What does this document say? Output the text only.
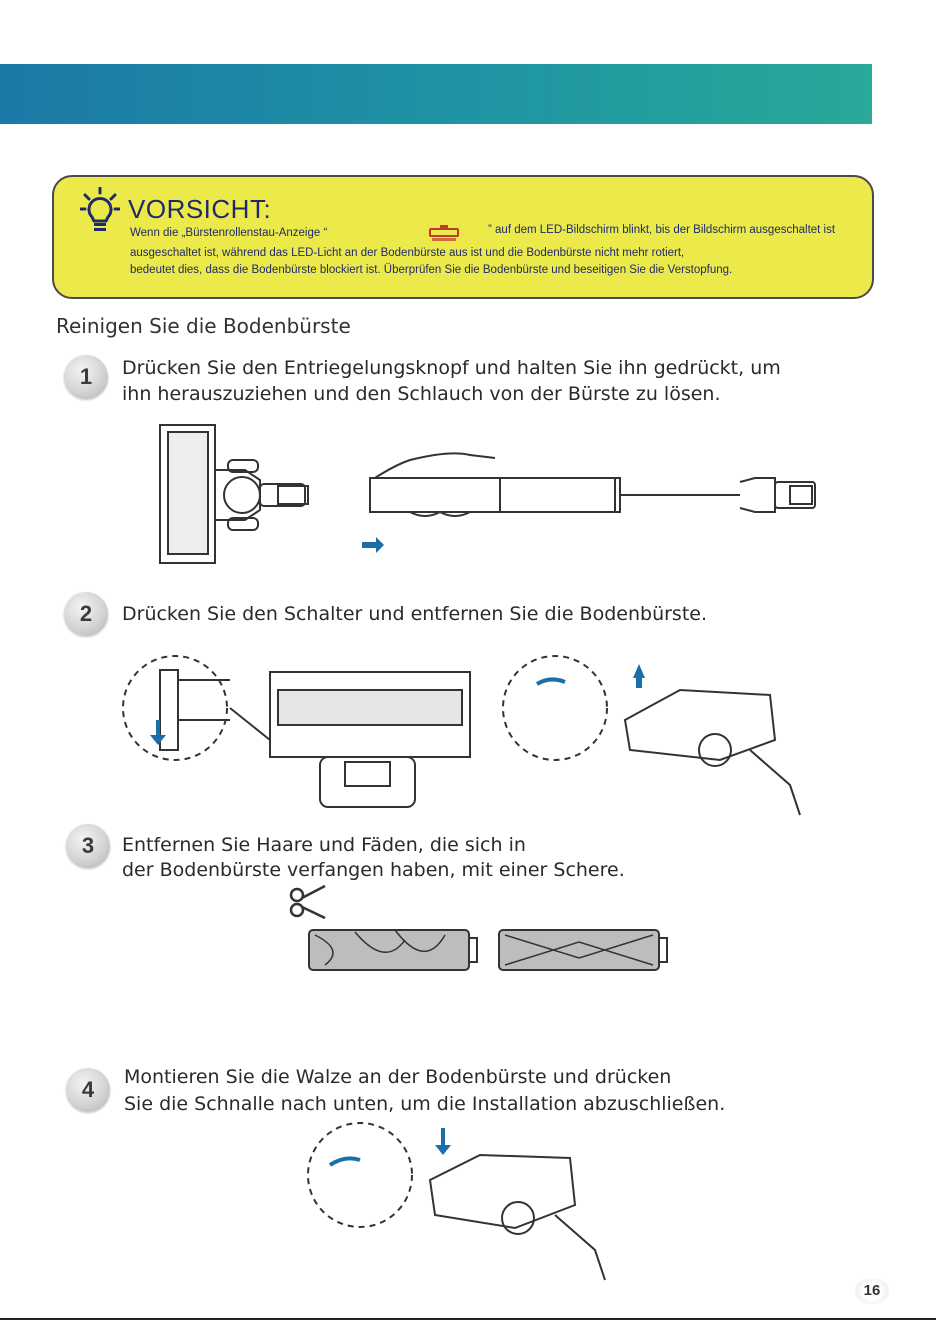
VORSICHT:
Wenn die „Bürstenrollenstau-Anzeige “	” auf dem LED-Bildschirm blinkt, bis der Bildschirm ausgeschaltet ist
ausgeschaltet ist, während das LED-Licht an der Bodenbürste aus ist und die Bodenbürste nicht mehr rotiert,
bedeutet dies, dass die Bodenbürste blockiert ist. Überprüfen Sie die Bodenbürste und beseitigen Sie die Verstopfung.
Reinigen Sie die Bodenbürste
1	Drücken Sie den Entriegelungsknopf und halten Sie ihn gedrückt, um
ihn herauszuziehen und den Schlauch von der Bürste zu lösen.
2	Drücken Sie den Schalter und entfernen Sie die Bodenbürste.
3	Entfernen Sie Haare und Fäden, die sich in
der Bodenbürste verfangen haben, mit einer Schere.
4	Montieren Sie die Walze an der Bodenbürste und drücken
Sie die Schnalle nach unten, um die Installation abzuschließen.
16
